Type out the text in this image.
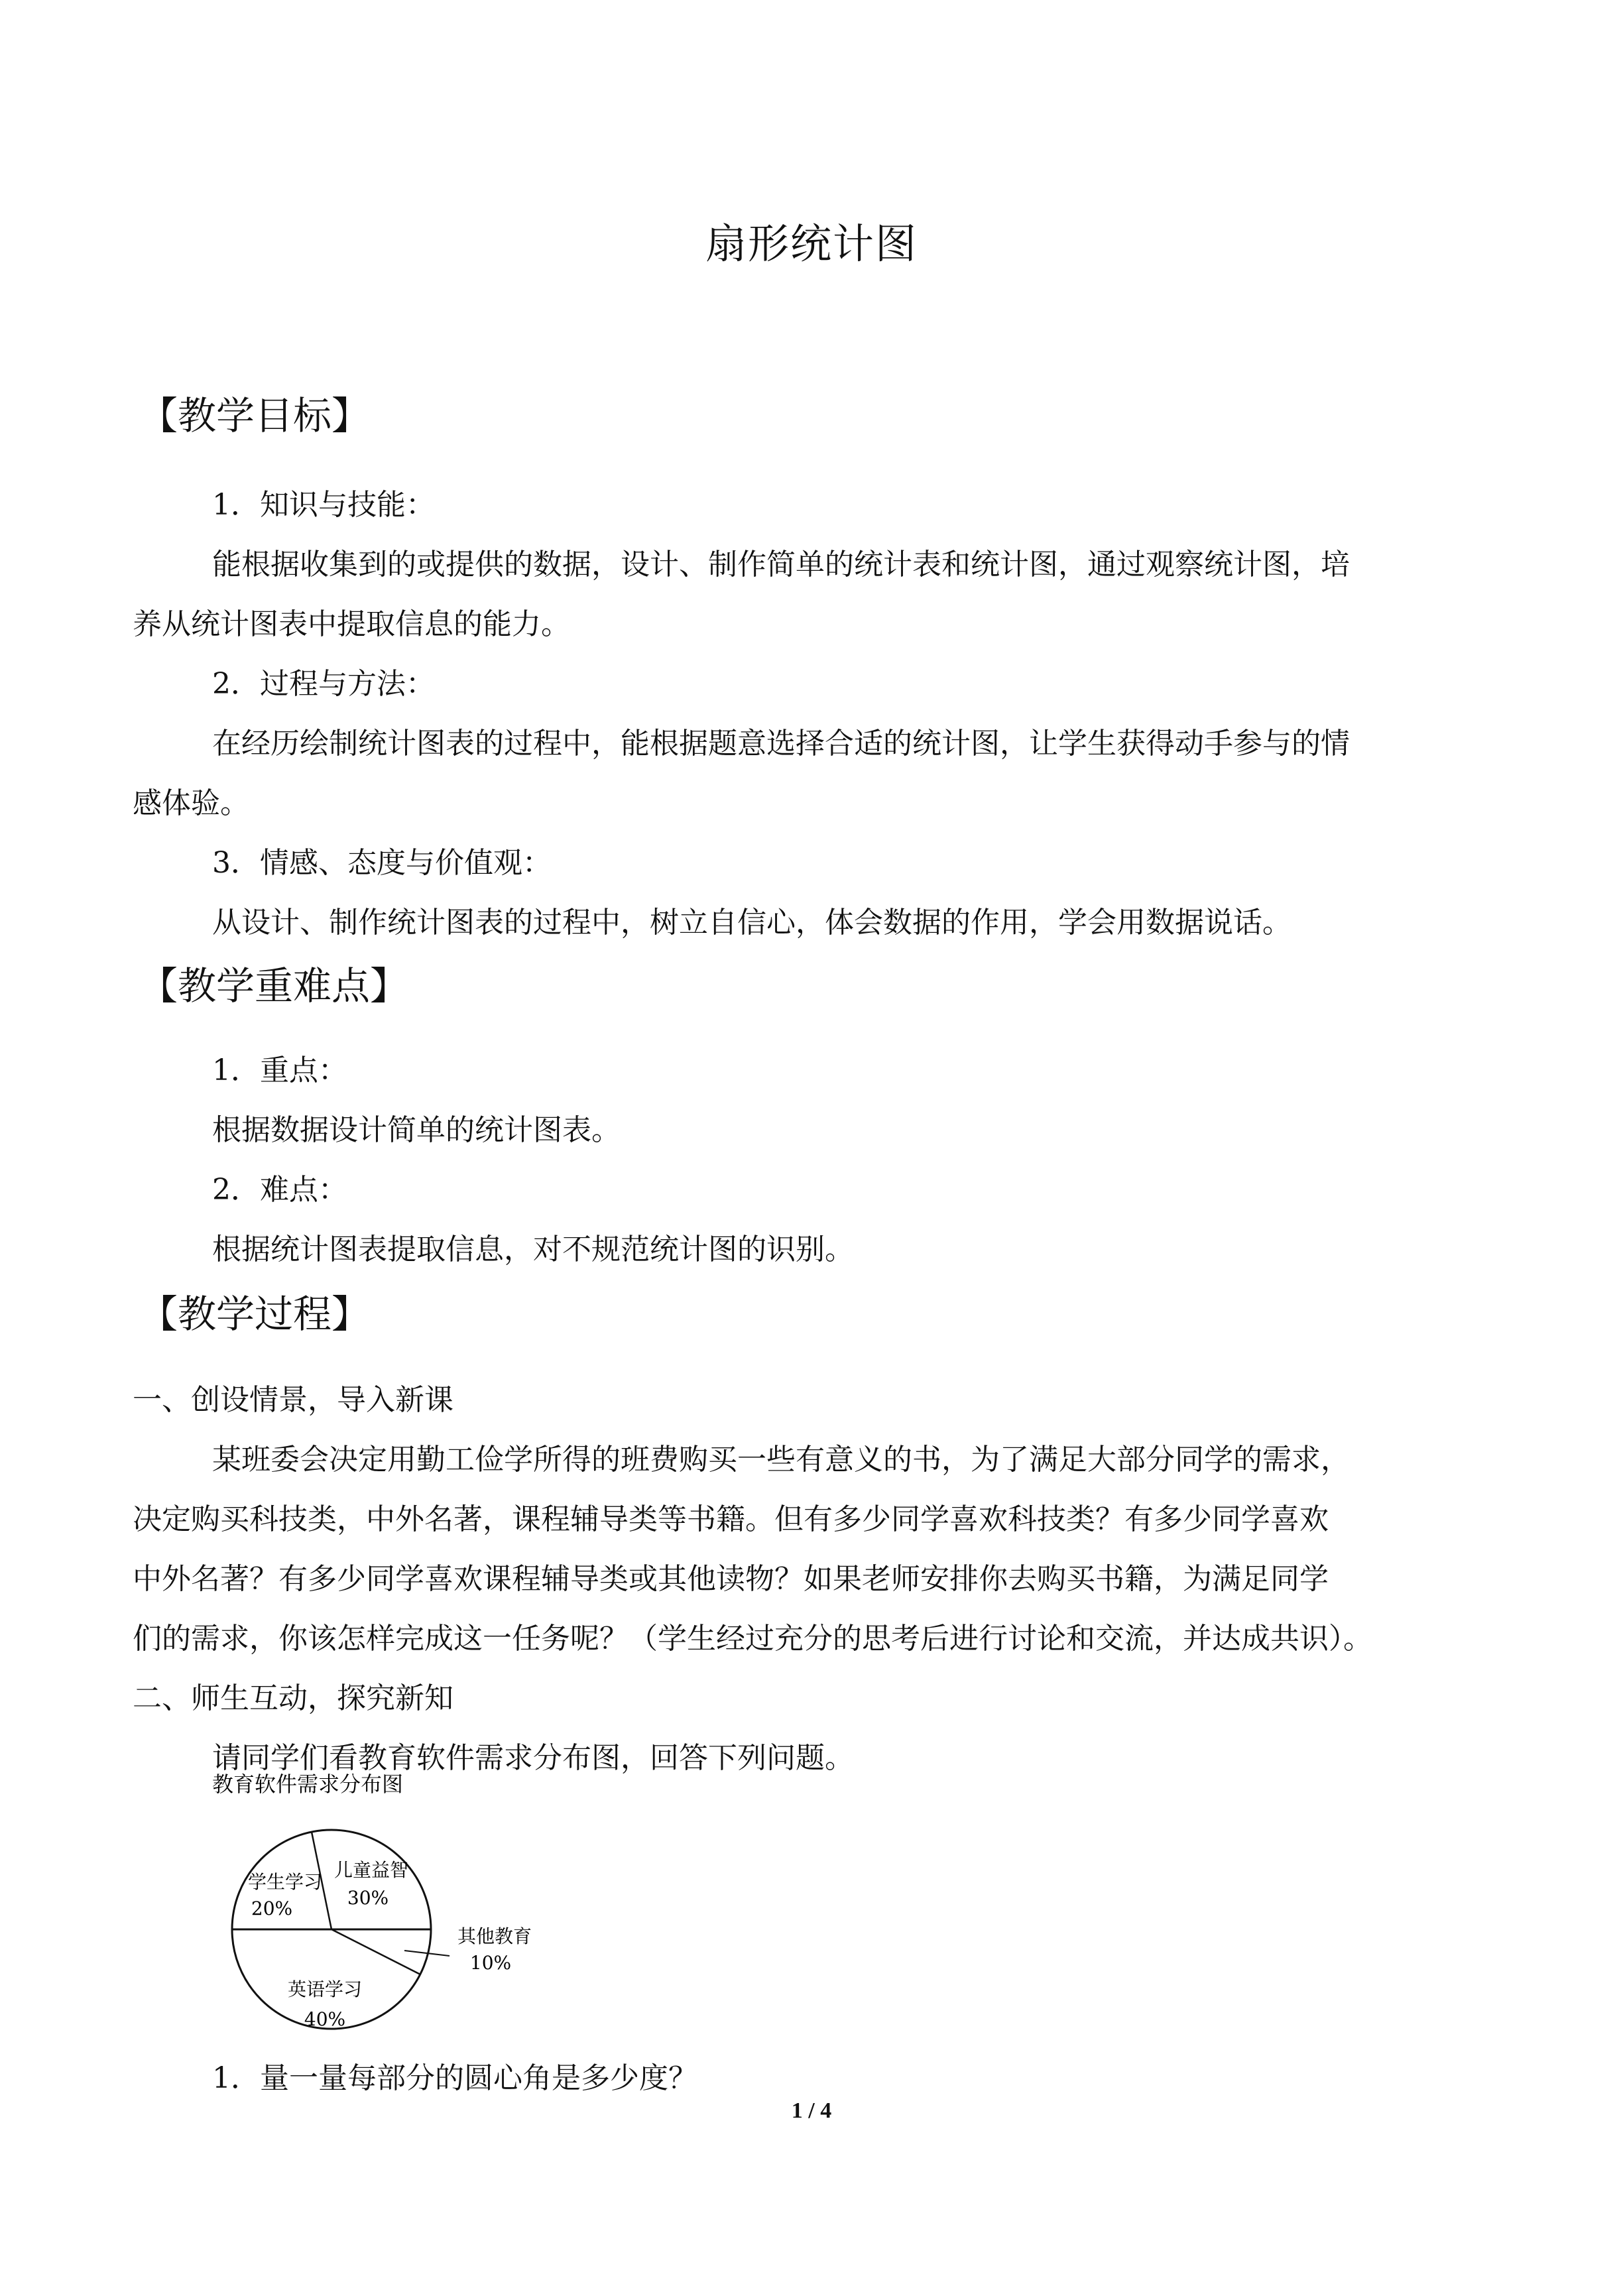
扇形统计图
【教学目标】
1．知识与技能：
能根据收集到的或提供的数据，设计、制作简单的统计表和统计图，通过观察统计图，培
养从统计图表中提取信息的能力。
2．过程与方法：
在经历绘制统计图表的过程中，能根据题意选择合适的统计图，让学生获得动手参与的情
感体验。
3．情感、态度与价值观：
从设计、制作统计图表的过程中，树立自信心，体会数据的作用，学会用数据说话。
【教学重难点】
1．重点：
根据数据设计简单的统计图表。
2．难点：
根据统计图表提取信息，对不规范统计图的识别。
【教学过程】
一、创设情景，导入新课
某班委会决定用勤工俭学所得的班费购买一些有意义的书，为了满足大部分同学的需求，
决定购买科技类，中外名著，课程辅导类等书籍。但有多少同学喜欢科技类？有多少同学喜欢
中外名著？有多少同学喜欢课程辅导类或其他读物？如果老师安排你去购买书籍，为满足同学
们的需求，你该怎样完成这一任务呢？（学生经过充分的思考后进行讨论和交流，并达成共识）。
二、师生互动，探究新知
请同学们看教育软件需求分布图，回答下列问题。
教育软件需求分布图
学生学习
20%
儿童益智
30%
其他教育
10%
英语学习
40%
1．量一量每部分的圆心角是多少度？
1 / 4
